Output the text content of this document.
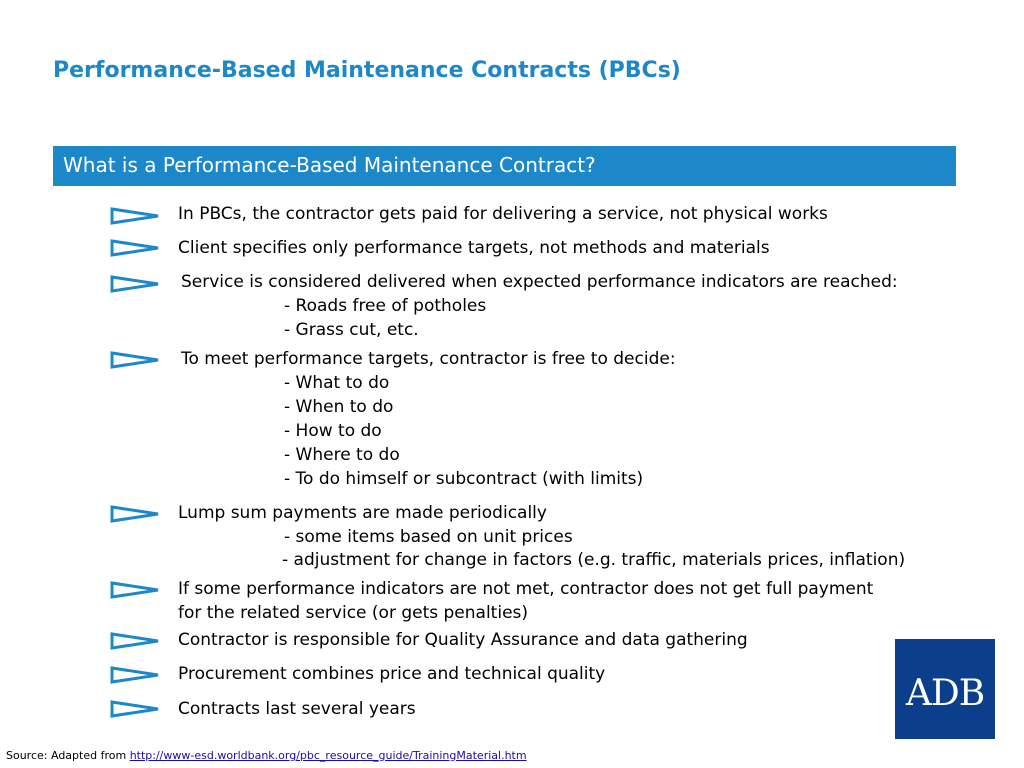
Performance-Based Maintenance Contracts (PBCs)
What is a Performance-Based Maintenance Contract?
In PBCs, the contractor gets paid for delivering a service, not physical works
Client specifies only performance targets, not methods and materials
Service is considered delivered when expected performance indicators are reached:
- Roads free of potholes
- Grass cut, etc.
To meet performance targets, contractor is free to decide:
- What to do
- When to do
- How to do
- Where to do
- To do himself or subcontract (with limits)
Lump sum payments are made periodically
- some items based on unit prices
- adjustment for change in factors (e.g. traffic, materials prices, inflation)
If some performance indicators are not met, contractor does not get full payment
for the related service (or gets penalties)
Contractor is responsible for Quality Assurance and data gathering
Procurement combines price and technical quality
Contracts last several years	ADB
Source: Adapted from http://www-esd.worldbank.org/pbc_resource_guide/TrainingMaterial.htm
